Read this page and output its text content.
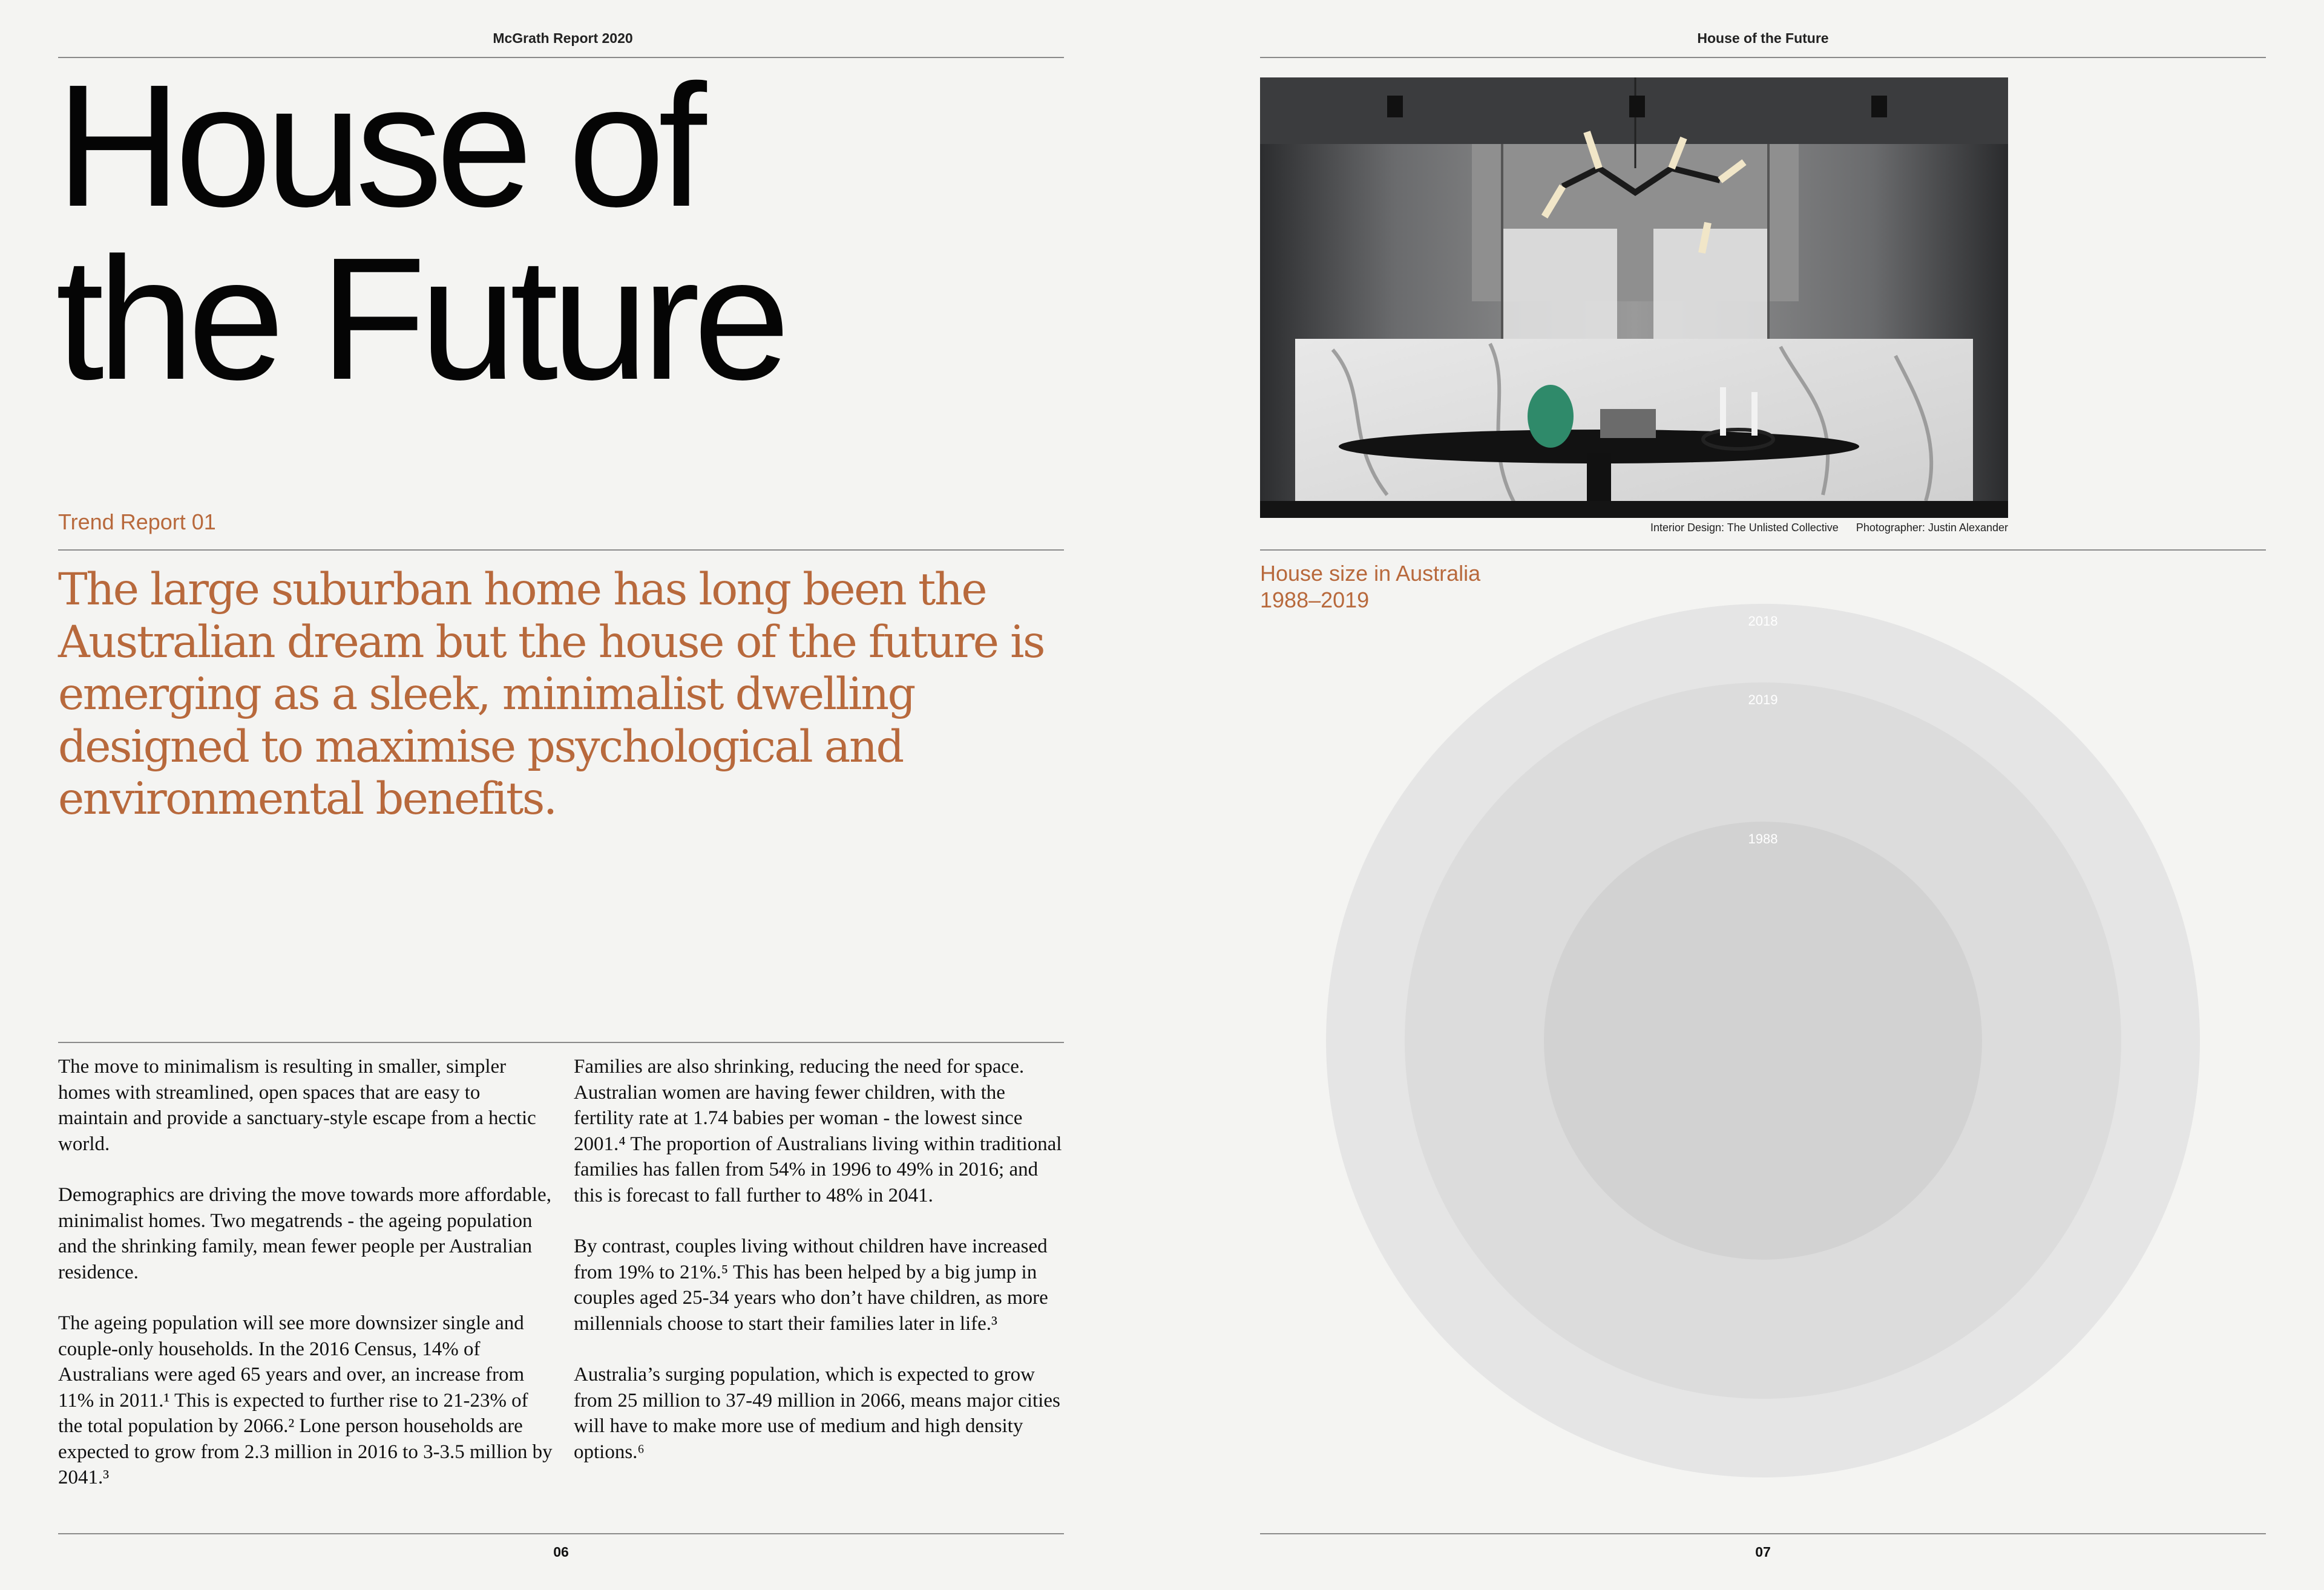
McGrath Report 2020
House of
the Future
Trend Report 01

The large suburban home has long been the Australian dream but the house of the future is emerging as a sleek, minimalist dwelling designed to maximise psychological and environmental benefits.

The move to minimalism is resulting in smaller, simpler homes with streamlined, open spaces that are easy to maintain and provide a sanctuary-style escape from a hectic world.

Demographics are driving the move towards more affordable, minimalist homes. Two megatrends - the ageing population and the shrinking family, mean fewer people per Australian residence.

The ageing population will see more downsizer single and couple-only households. In the 2016 Census, 14% of Australians were aged 65 years and over, an increase from 11% in 2011.¹ This is expected to further rise to 21-23% of the total population by 2066.² Lone person households are expected to grow from 2.3 million in 2016 to 3-3.5 million by 2041.³

Families are also shrinking, reducing the need for space. Australian women are having fewer children, with the fertility rate at 1.74 babies per woman - the lowest since 2001.⁴ The proportion of Australians living within traditional families has fallen from 54% in 1996 to 49% in 2016; and this is forecast to fall further to 48% in 2041.

By contrast, couples living without children have increased from 19% to 21%.⁵ This has been helped by a big jump in couples aged 25-34 years who don’t have children, as more millennials choose to start their families later in life.³

Australia’s surging population, which is expected to grow from 25 million to 37-49 million in 2066, means major cities will have to make more use of medium and high density options.⁶

06
House of the Future
Interior Design: The Unlisted Collective Photographer: Justin Alexander
House size in Australia
1988–2019
2018
2019
1988
07
